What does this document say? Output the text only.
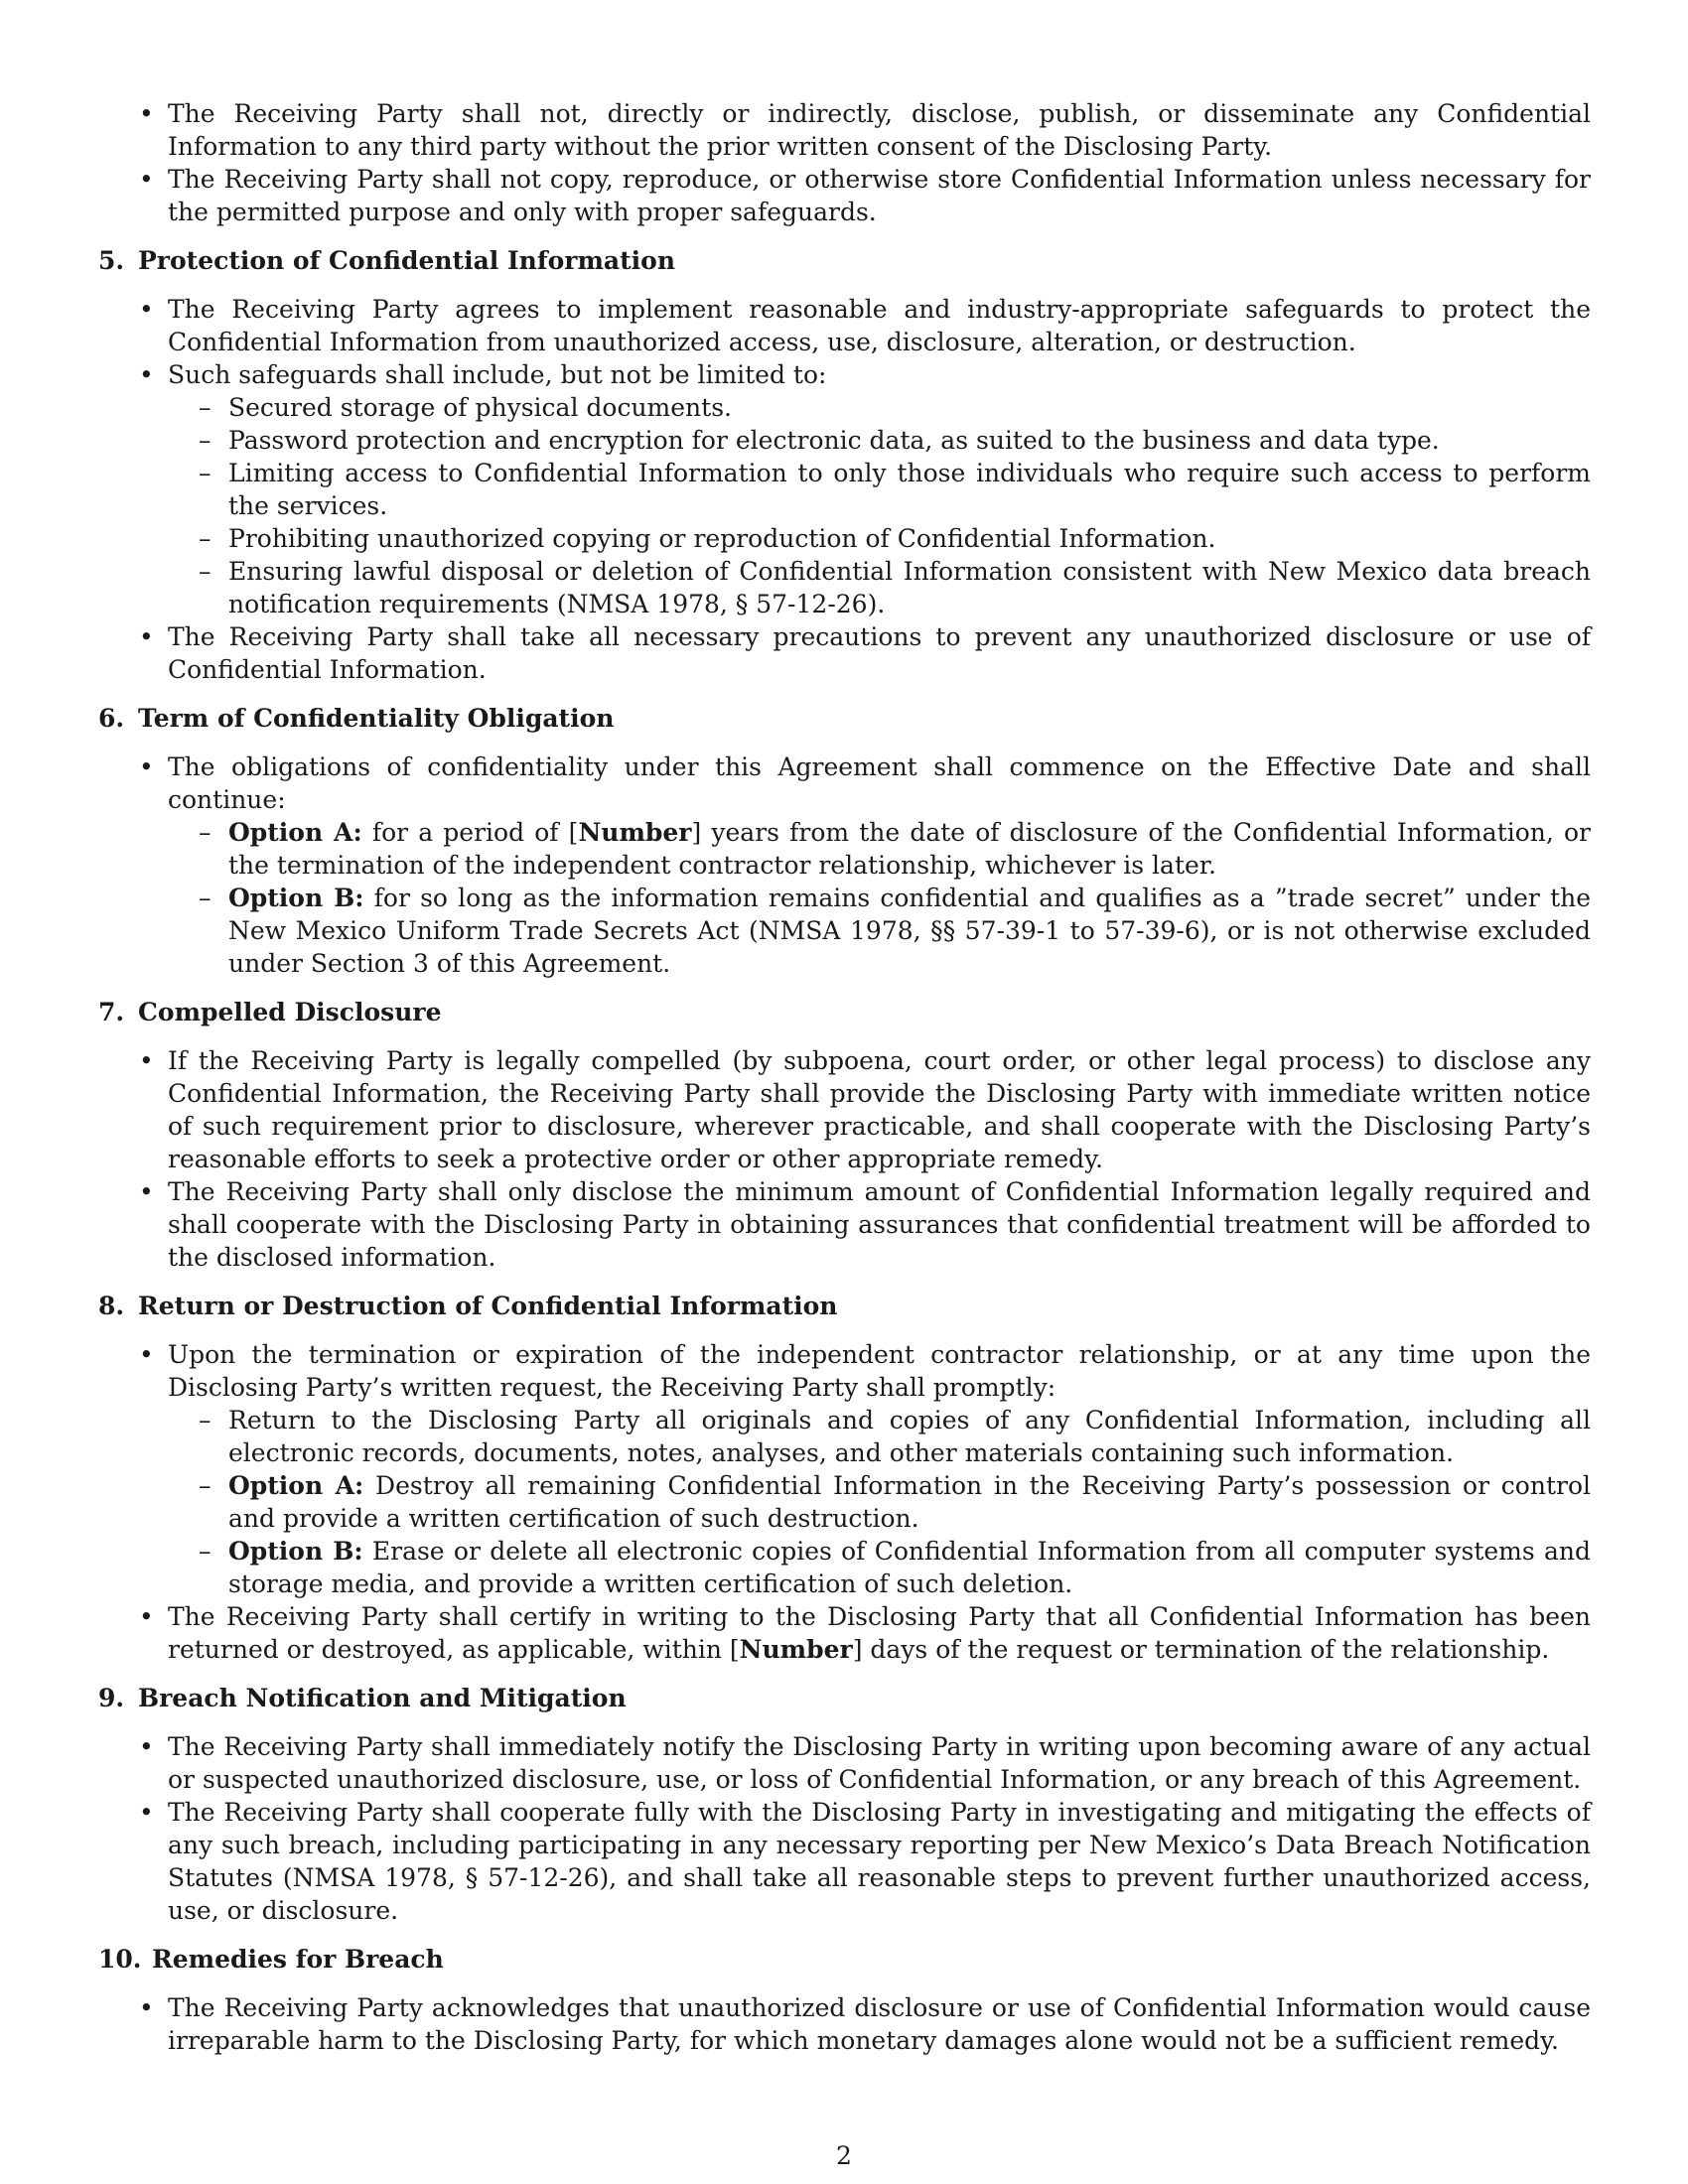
• The Receiving Party shall not, directly or indirectly, disclose, publish, or disseminate any Confidential Information to any third party without the prior written consent of the Disclosing Party.
• The Receiving Party shall not copy, reproduce, or otherwise store Confidential Information unless necessary for the permitted purpose and only with proper safeguards.
5. Protection of Confidential Information
• The Receiving Party agrees to implement reasonable and industry-appropriate safeguards to protect the Confidential Information from unauthorized access, use, disclosure, alteration, or destruction.
• Such safeguards shall include, but not be limited to:
– Secured storage of physical documents.
– Password protection and encryption for electronic data, as suited to the business and data type.
– Limiting access to Confidential Information to only those individuals who require such access to perform the services.
– Prohibiting unauthorized copying or reproduction of Confidential Information.
– Ensuring lawful disposal or deletion of Confidential Information consistent with New Mexico data breach notification requirements (NMSA 1978, § 57-12-26).
• The Receiving Party shall take all necessary precautions to prevent any unauthorized disclosure or use of Confidential Information.
6. Term of Confidentiality Obligation
• The obligations of confidentiality under this Agreement shall commence on the Effective Date and shall continue:
– Option A: for a period of [Number] years from the date of disclosure of the Confidential Information, or the termination of the independent contractor relationship, whichever is later.
– Option B: for so long as the information remains confidential and qualifies as a ”trade secret” under the New Mexico Uniform Trade Secrets Act (NMSA 1978, §§ 57-39-1 to 57-39-6), or is not otherwise excluded under Section 3 of this Agreement.
7. Compelled Disclosure
• If the Receiving Party is legally compelled (by subpoena, court order, or other legal process) to disclose any Confidential Information, the Receiving Party shall provide the Disclosing Party with immediate written notice of such requirement prior to disclosure, wherever practicable, and shall cooperate with the Disclosing Party’s reasonable efforts to seek a protective order or other appropriate remedy.
• The Receiving Party shall only disclose the minimum amount of Confidential Information legally required and shall cooperate with the Disclosing Party in obtaining assurances that confidential treatment will be afforded to the disclosed information.
8. Return or Destruction of Confidential Information
• Upon the termination or expiration of the independent contractor relationship, or at any time upon the Disclosing Party’s written request, the Receiving Party shall promptly:
– Return to the Disclosing Party all originals and copies of any Confidential Information, including all electronic records, documents, notes, analyses, and other materials containing such information.
– Option A: Destroy all remaining Confidential Information in the Receiving Party’s possession or control and provide a written certification of such destruction.
– Option B: Erase or delete all electronic copies of Confidential Information from all computer systems and storage media, and provide a written certification of such deletion.
• The Receiving Party shall certify in writing to the Disclosing Party that all Confidential Information has been returned or destroyed, as applicable, within [Number] days of the request or termination of the relationship.
9. Breach Notification and Mitigation
• The Receiving Party shall immediately notify the Disclosing Party in writing upon becoming aware of any actual or suspected unauthorized disclosure, use, or loss of Confidential Information, or any breach of this Agreement.
• The Receiving Party shall cooperate fully with the Disclosing Party in investigating and mitigating the effects of any such breach, including participating in any necessary reporting per New Mexico’s Data Breach Notification Statutes (NMSA 1978, § 57-12-26), and shall take all reasonable steps to prevent further unauthorized access, use, or disclosure.
10. Remedies for Breach
• The Receiving Party acknowledges that unauthorized disclosure or use of Confidential Information would cause irreparable harm to the Disclosing Party, for which monetary damages alone would not be a sufficient remedy.
2
